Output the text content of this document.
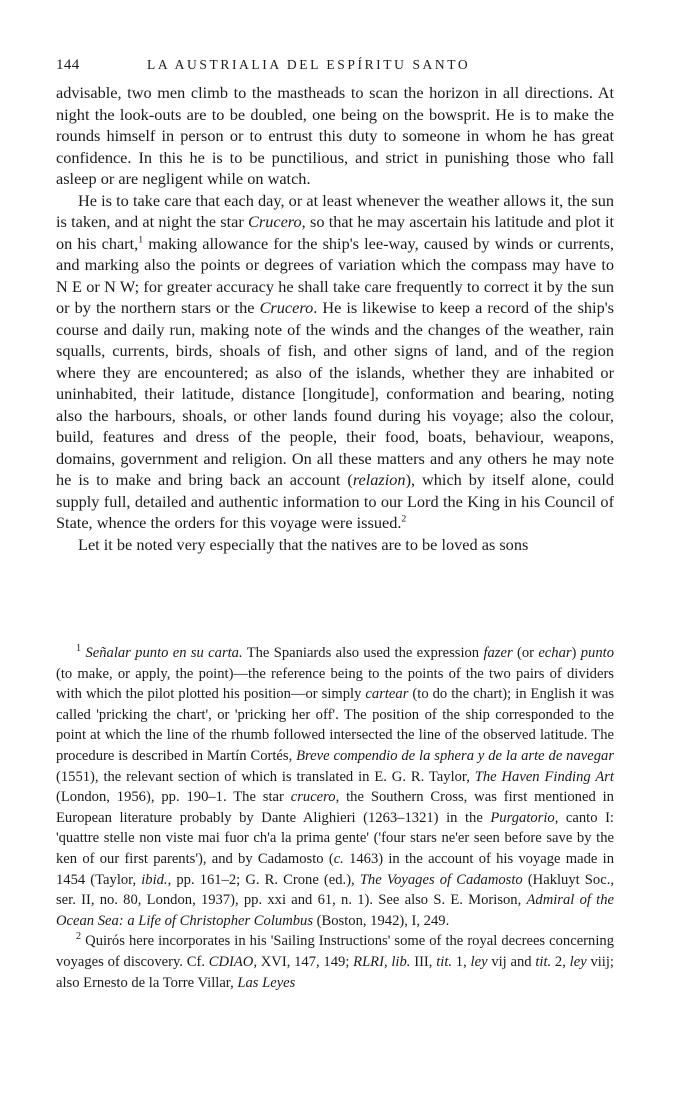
144	LA AUSTRIALIA DEL ESPÍRITU SANTO

advisable, two men climb to the mastheads to scan the horizon in all directions. At night the look-outs are to be doubled, one being on the bowsprit. He is to make the rounds himself in person or to entrust this duty to someone in whom he has great confidence. In this he is to be punctilious, and strict in punishing those who fall asleep or are negligent while on watch.

He is to take care that each day, or at least whenever the weather allows it, the sun is taken, and at night the star Crucero, so that he may ascertain his latitude and plot it on his chart,$^1$ making allowance for the ship's lee-way, caused by winds or currents, and marking also the points or degrees of variation which the compass may have to N E or N W; for greater accuracy he shall take care frequently to correct it by the sun or by the northern stars or the Crucero. He is likewise to keep a record of the ship's course and daily run, making note of the winds and the changes of the weather, rain squalls, currents, birds, shoals of fish, and other signs of land, and of the region where they are encountered; as also of the islands, whether they are inhabited or uninhabited, their latitude, distance [longitude], conformation and bearing, noting also the harbours, shoals, or other lands found during his voyage; also the colour, build, features and dress of the people, their food, boats, behaviour, weapons, domains, government and religion. On all these matters and any others he may note he is to make and bring back an account (relazion), which by itself alone, could supply full, detailed and authentic information to our Lord the King in his Council of State, whence the orders for this voyage were issued.$^2$

Let it be noted very especially that the natives are to be loved as sons

$^1$ Señalar punto en su carta. The Spaniards also used the expression fazer (or echar) punto (to make, or apply, the point)—the reference being to the points of the two pairs of dividers with which the pilot plotted his position—or simply cartear (to do the chart); in English it was called 'pricking the chart', or 'pricking her off'. The position of the ship corresponded to the point at which the line of the rhumb followed intersected the line of the observed latitude. The procedure is described in Martín Cortés, Breve compendio de la sphera y de la arte de navegar (1551), the relevant section of which is translated in E. G. R. Taylor, The Haven Finding Art (London, 1956), pp. 190–1. The star crucero, the Southern Cross, was first mentioned in European literature probably by Dante Alighieri (1263–1321) in the Purgatorio, canto I: 'quattre stelle non viste mai fuor ch'a la prima gente' ('four stars ne'er seen before save by the ken of our first parents'), and by Cadamosto (c. 1463) in the account of his voyage made in 1454 (Taylor, ibid., pp. 161–2; G. R. Crone (ed.), The Voyages of Cadamosto (Hakluyt Soc., ser. II, no. 80, London, 1937), pp. xxi and 61, n. 1). See also S. E. Morison, Admiral of the Ocean Sea: a Life of Christopher Columbus (Boston, 1942), I, 249.

$^2$ Quirós here incorporates in his 'Sailing Instructions' some of the royal decrees concerning voyages of discovery. Cf. CDIAO, XVI, 147, 149; RLRI, lib. III, tit. 1, ley vij and tit. 2, ley viij; also Ernesto de la Torre Villar, Las Leyes
